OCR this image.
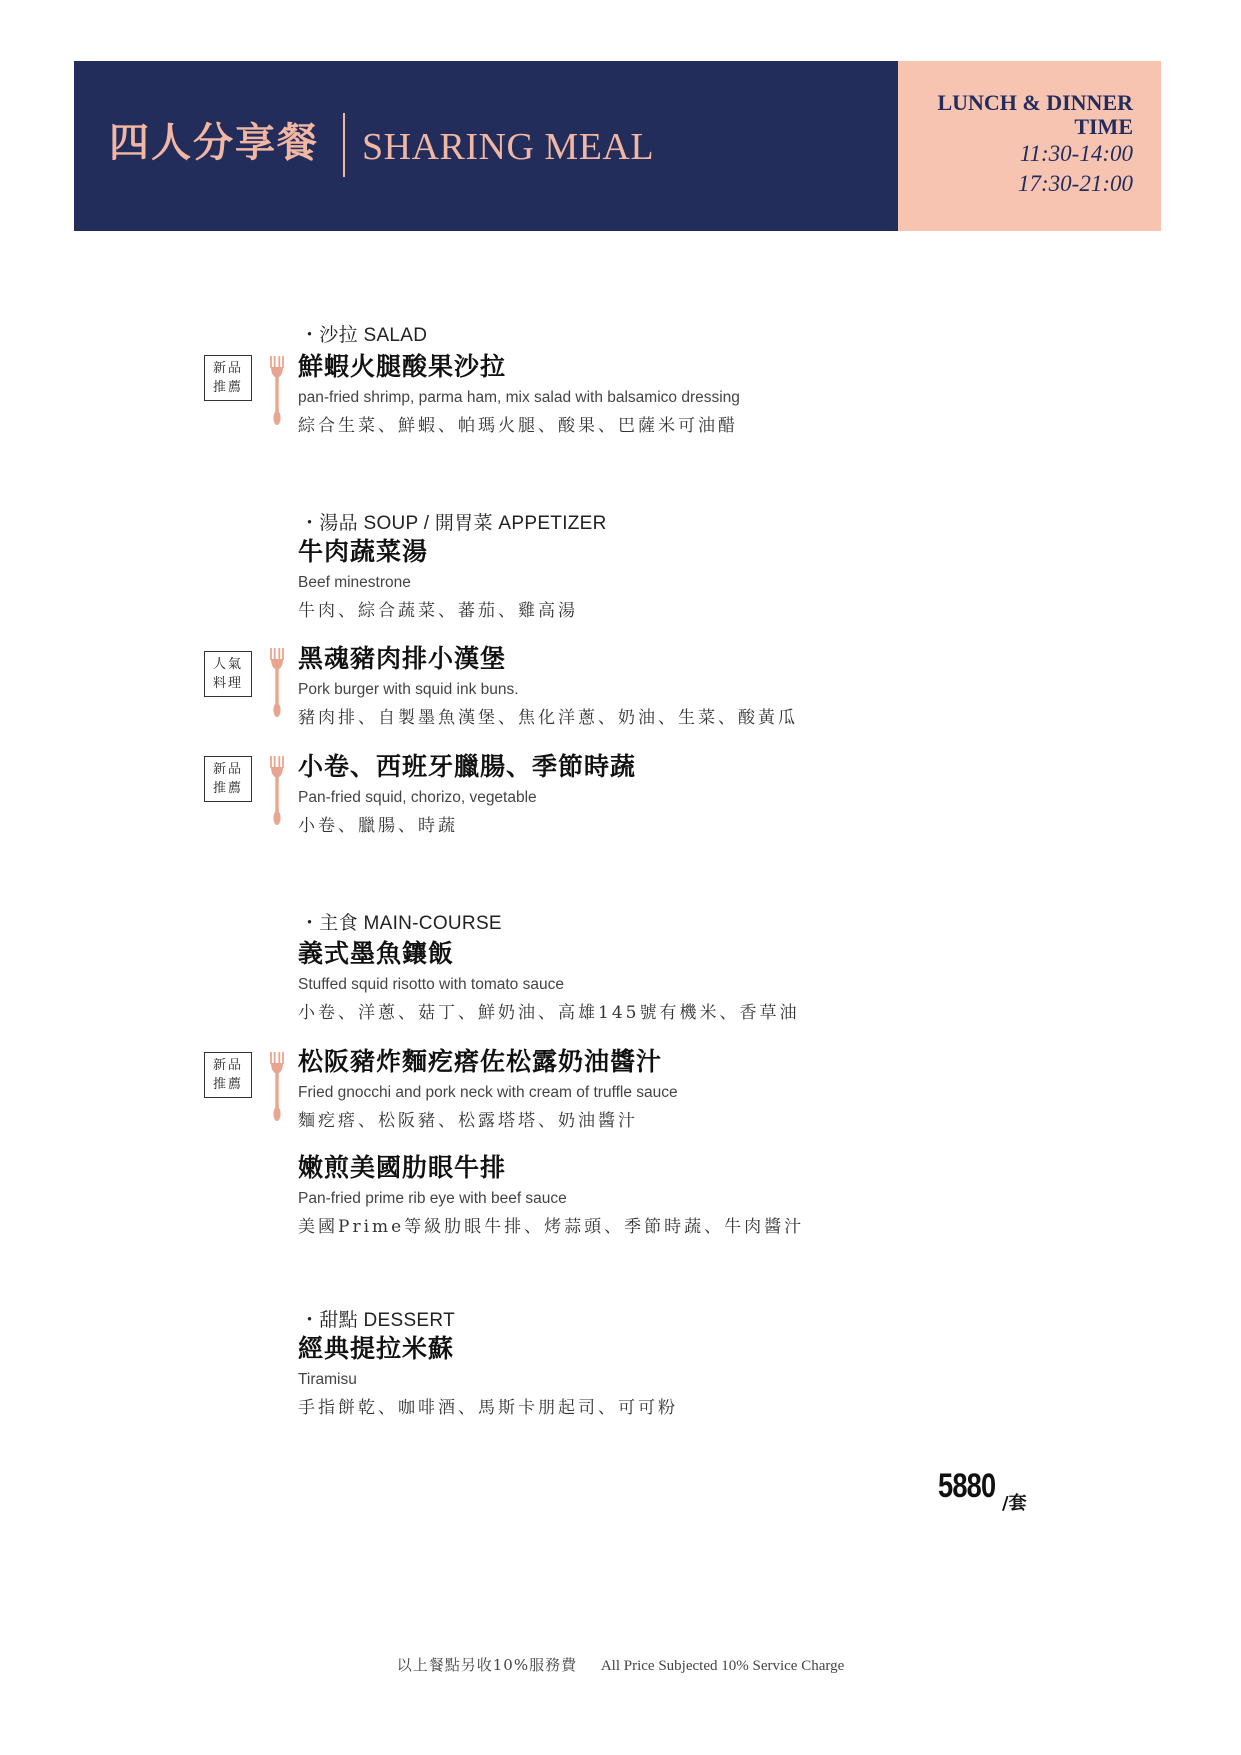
四人分享餐 SHARING MEAL
LUNCH & DINNER
TIME
11:30-14:00
17:30-21:00
・沙拉 SALAD
新品
推薦
鮮蝦火腿酸果沙拉
pan-fried shrimp, parma ham, mix salad with balsamico dressing
綜合生菜、鮮蝦、帕瑪火腿、酸果、巴薩米可油醋
・湯品 SOUP / 開胃菜 APPETIZER
牛肉蔬菜湯
Beef minestrone
牛肉、綜合蔬菜、蕃茄、雞高湯
人氣
料理
黑魂豬肉排小漢堡
Pork burger with squid ink buns.
豬肉排、自製墨魚漢堡、焦化洋蔥、奶油、生菜、酸黃瓜
新品
推薦
小卷、西班牙臘腸、季節時蔬
Pan-fried squid, chorizo, vegetable
小卷、臘腸、時蔬
・主食 MAIN-COURSE
義式墨魚鑲飯
Stuffed squid risotto with tomato sauce
小卷、洋蔥、菇丁、鮮奶油、高雄145號有機米、香草油
新品
推薦
松阪豬炸麵疙瘩佐松露奶油醬汁
Fried gnocchi and pork neck with cream of truffle sauce
麵疙瘩、松阪豬、松露塔塔、奶油醬汁
嫩煎美國肋眼牛排
Pan-fried prime rib eye with beef sauce
美國Prime等級肋眼牛排、烤蒜頭、季節時蔬、牛肉醬汁
・甜點 DESSERT
經典提拉米蘇
Tiramisu
手指餅乾、咖啡酒、馬斯卡朋起司、可可粉
5880 /套
以上餐點另收10%服務費 All Price Subjected 10% Service Charge
